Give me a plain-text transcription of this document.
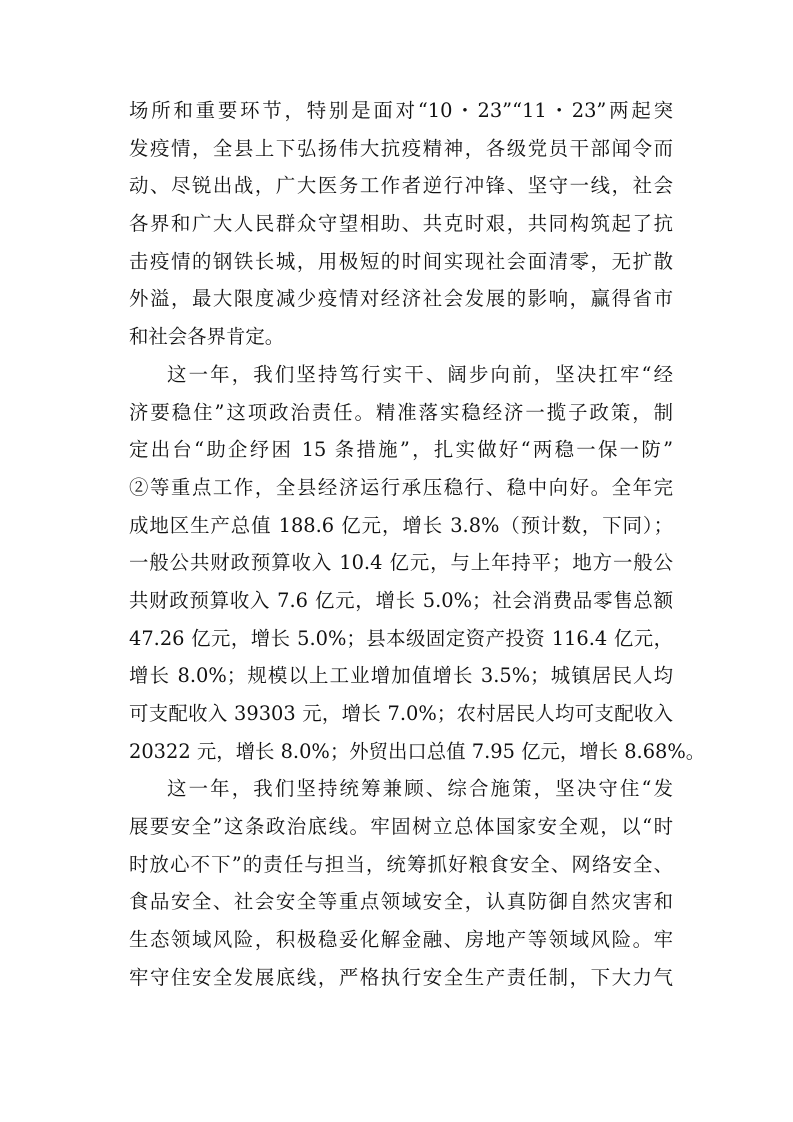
场所和重要环节，特别是面对“10・23”“11・23”两起突
发疫情，全县上下弘扬伟大抗疫精神，各级党员干部闻令而
动、尽锐出战，广大医务工作者逆行冲锋、坚守一线，社会
各界和广大人民群众守望相助、共克时艰，共同构筑起了抗
击疫情的钢铁长城，用极短的时间实现社会面清零，无扩散
外溢，最大限度减少疫情对经济社会发展的影响，赢得省市
和社会各界肯定。
这一年，我们坚持笃行实干、阔步向前，坚决扛牢“经
济要稳住”这项政治责任。精准落实稳经济一揽子政策，制
定出台“助企纾困 15 条措施”，扎实做好“两稳一保一防”
②等重点工作，全县经济运行承压稳行、稳中向好。全年完
成地区生产总值 188.6 亿元，增长 3.8%（预计数，下同）；
一般公共财政预算收入 10.4 亿元，与上年持平；地方一般公
共财政预算收入 7.6 亿元，增长 5.0%；社会消费品零售总额
47.26 亿元，增长 5.0%；县本级固定资产投资 116.4 亿元，
增长 8.0%；规模以上工业增加值增长 3.5%；城镇居民人均
可支配收入 39303 元，增长 7.0%；农村居民人均可支配收入
20322 元，增长 8.0%；外贸出口总值 7.95 亿元，增长 8.68%。
这一年，我们坚持统筹兼顾、综合施策，坚决守住“发
展要安全”这条政治底线。牢固树立总体国家安全观，以“时
时放心不下”的责任与担当，统筹抓好粮食安全、网络安全、
食品安全、社会安全等重点领域安全，认真防御自然灾害和
生态领域风险，积极稳妥化解金融、房地产等领域风险。牢
牢守住安全发展底线，严格执行安全生产责任制，下大力气
